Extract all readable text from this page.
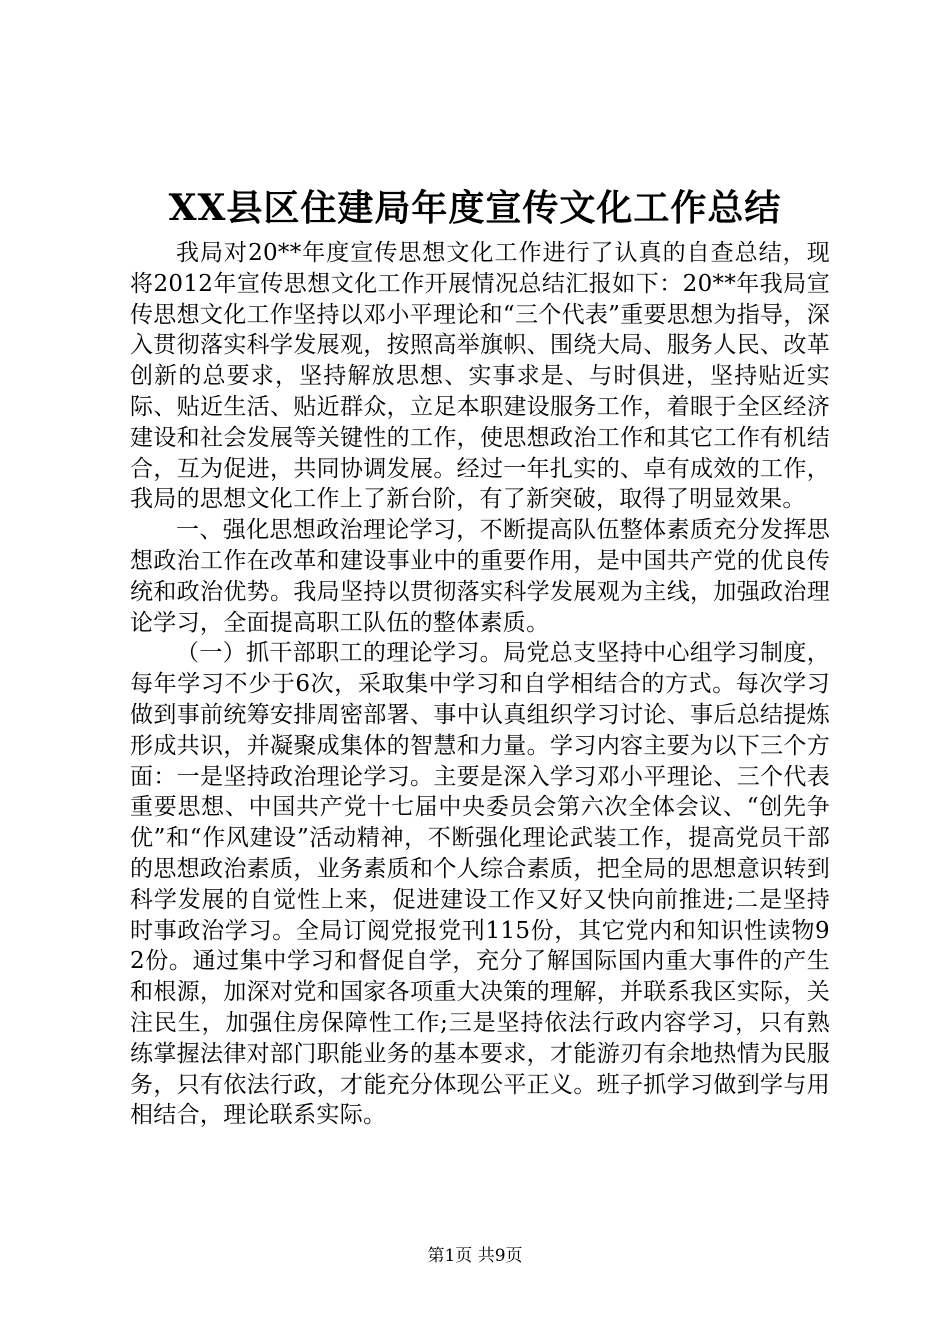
XX县区住建局年度宣传文化工作总结

我局对20**年度宣传思想文化工作进行了认真的自查总结，现将2012年宣传思想文化工作开展情况总结汇报如下：20**年我局宣传思想文化工作坚持以邓小平理论和“三个代表”重要思想为指导，深入贯彻落实科学发展观，按照高举旗帜、围绕大局、服务人民、改革创新的总要求，坚持解放思想、实事求是、与时俱进，坚持贴近实际、贴近生活、贴近群众，立足本职建设服务工作，着眼于全区经济建设和社会发展等关键性的工作，使思想政治工作和其它工作有机结合，互为促进，共同协调发展。经过一年扎实的、卓有成效的工作，我局的思想文化工作上了新台阶，有了新突破，取得了明显效果。

一、强化思想政治理论学习，不断提高队伍整体素质充分发挥思想政治工作在改革和建设事业中的重要作用，是中国共产党的优良传统和政治优势。我局坚持以贯彻落实科学发展观为主线，加强政治理论学习，全面提高职工队伍的整体素质。

（一）抓干部职工的理论学习。局党总支坚持中心组学习制度，每年学习不少于6次，采取集中学习和自学相结合的方式。每次学习做到事前统筹安排周密部署、事中认真组织学习讨论、事后总结提炼形成共识，并凝聚成集体的智慧和力量。学习内容主要为以下三个方面：一是坚持政治理论学习。主要是深入学习邓小平理论、三个代表重要思想、中国共产党十七届中央委员会第六次全体会议、“创先争优”和“作风建设”活动精神，不断强化理论武装工作，提高党员干部的思想政治素质，业务素质和个人综合素质，把全局的思想意识转到科学发展的自觉性上来，促进建设工作又好又快向前推进;二是坚持时事政治学习。全局订阅党报党刊115份，其它党内和知识性读物92份。通过集中学习和督促自学，充分了解国际国内重大事件的产生和根源，加深对党和国家各项重大决策的理解，并联系我区实际，关注民生，加强住房保障性工作;三是坚持依法行政内容学习，只有熟练掌握法律对部门职能业务的基本要求，才能游刃有余地热情为民服务，只有依法行政，才能充分体现公平正义。班子抓学习做到学与用相结合，理论联系实际。

第1页 共9页
